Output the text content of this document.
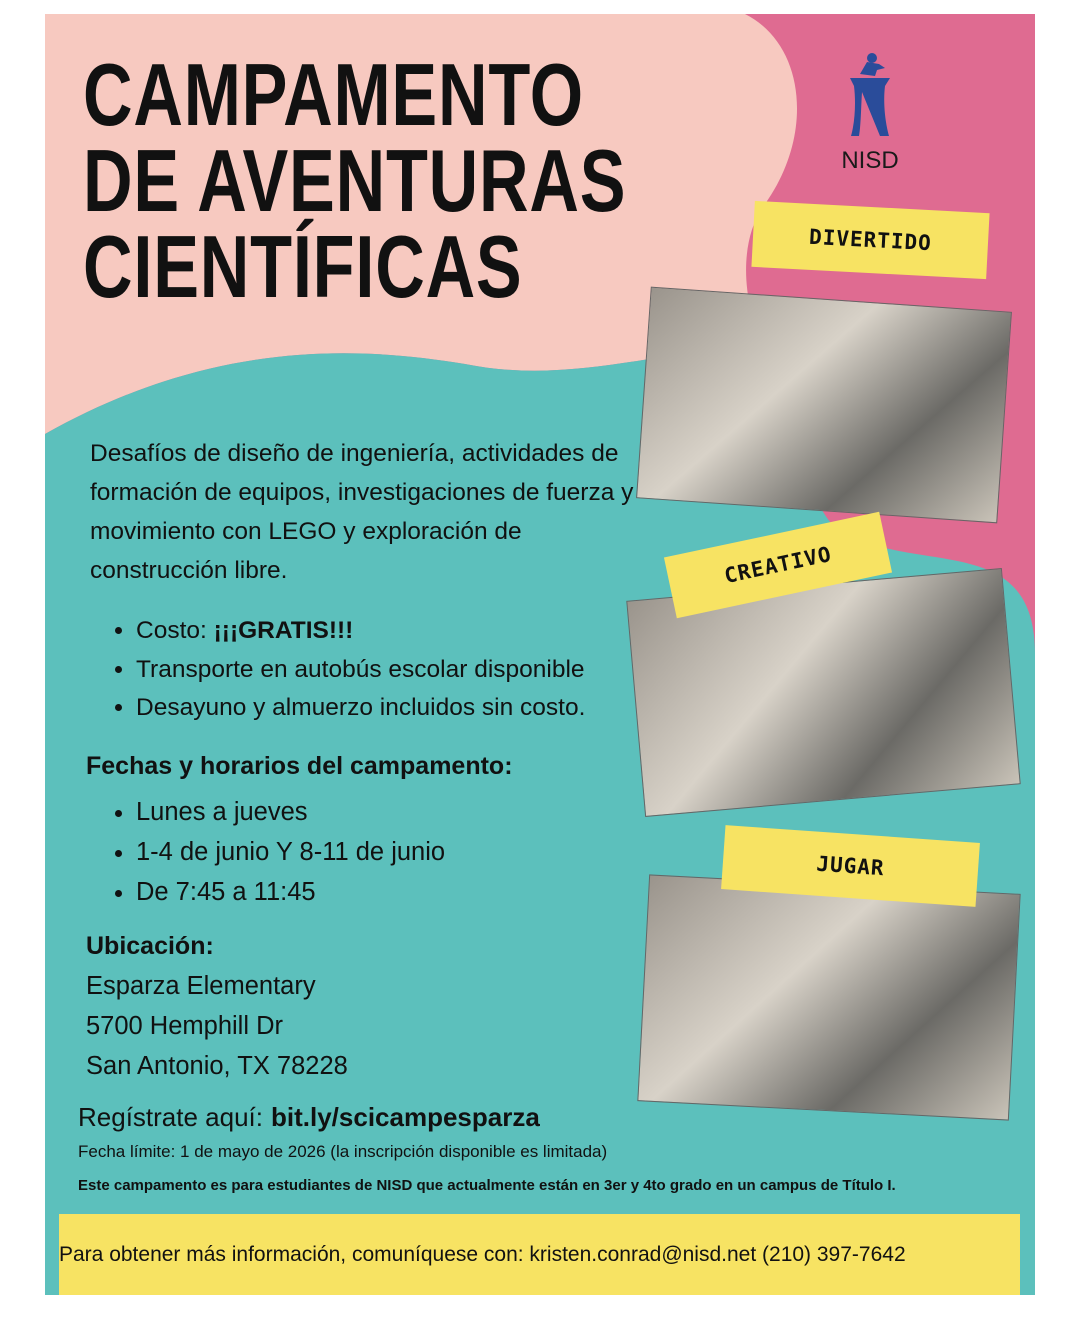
CAMPAMENTO
DE AVENTURAS
CIENTÍFICAS
NISD
Desafíos de diseño de ingeniería, actividades de formación de equipos, investigaciones de fuerza y movimiento con LEGO y exploración de construcción libre.
• Costo: ¡¡¡GRATIS!!!
• Transporte en autobús escolar disponible
• Desayuno y almuerzo incluidos sin costo.
Fechas y horarios del campamento:
• Lunes a jueves
• 1-4 de junio Y 8-11 de junio
• De 7:45 a 11:45
Ubicación:
Esparza Elementary
5700 Hemphill Dr
San Antonio, TX 78228
DIVERTIDO
CREATIVO
JUGAR
Regístrate aquí: bit.ly/scicampesparza
Fecha límite: 1 de mayo de 2026 (la inscripción disponible es limitada)
Este campamento es para estudiantes de NISD que actualmente están en 3er y 4to grado en un campus de Título I.
Para obtener más información, comuníquese con: kristen.conrad@nisd.net (210) 397-7642
